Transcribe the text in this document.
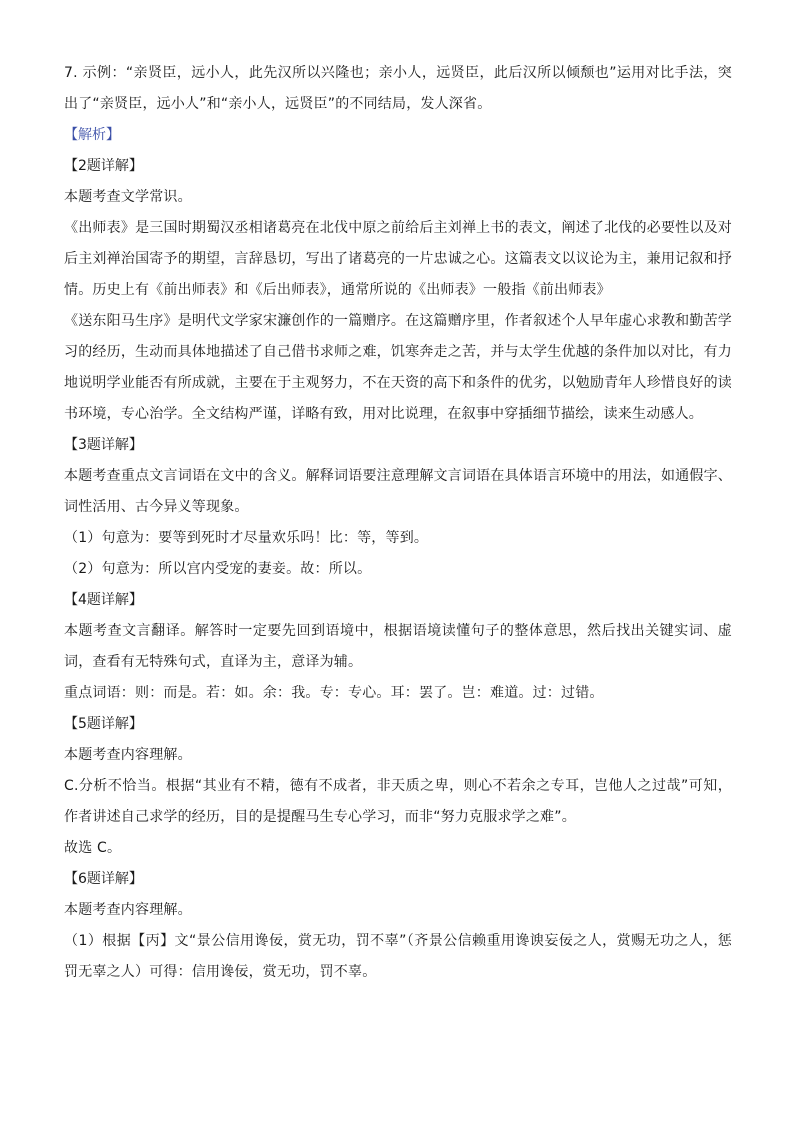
7. 示例：“亲贤臣，远小人，此先汉所以兴隆也；亲小人，远贤臣，此后汉所以倾颓也”运用对比手法，突出了“亲贤臣，远小人”和“亲小人，远贤臣”的不同结局，发人深省。

【解析】

【2题详解】

本题考查文学常识。

《出师表》是三国时期蜀汉丞相诸葛亮在北伐中原之前给后主刘禅上书的表文，阐述了北伐的必要性以及对后主刘禅治国寄予的期望，言辞恳切，写出了诸葛亮的一片忠诚之心。这篇表文以议论为主，兼用记叙和抒情。历史上有《前出师表》和《后出师表》，通常所说的《出师表》一般指《前出师表》

《送东阳马生序》是明代文学家宋濂创作的一篇赠序。在这篇赠序里，作者叙述个人早年虚心求教和勤苦学习的经历，生动而具体地描述了自己借书求师之难，饥寒奔走之苦，并与太学生优越的条件加以对比，有力地说明学业能否有所成就，主要在于主观努力，不在天资的高下和条件的优劣，以勉励青年人珍惜良好的读书环境，专心治学。全文结构严谨，详略有致，用对比说理，在叙事中穿插细节描绘，读来生动感人。

【3题详解】

本题考查重点文言词语在文中的含义。解释词语要注意理解文言词语在具体语言环境中的用法，如通假字、词性活用、古今异义等现象。

（1）句意为：要等到死时才尽量欢乐吗！比：等，等到。

（2）句意为：所以宫内受宠的妻妾。故：所以。

【4题详解】

本题考查文言翻译。解答时一定要先回到语境中，根据语境读懂句子的整体意思，然后找出关键实词、虚词，查看有无特殊句式，直译为主，意译为辅。

重点词语：则：而是。若：如。余：我。专：专心。耳：罢了。岂：难道。过：过错。

【5题详解】

本题考查内容理解。

C.分析不恰当。根据“其业有不精，德有不成者，非天质之卑，则心不若余之专耳，岂他人之过哉”可知，作者讲述自己求学的经历，目的是提醒马生专心学习，而非“努力克服求学之难”。

故选 C。

【6题详解】

本题考查内容理解。

（1）根据【丙】文“景公信用谗佞，赏无功，罚不辜”（齐景公信赖重用谗谀妄佞之人，赏赐无功之人，惩罚无辜之人）可得：信用谗佞，赏无功，罚不辜。
